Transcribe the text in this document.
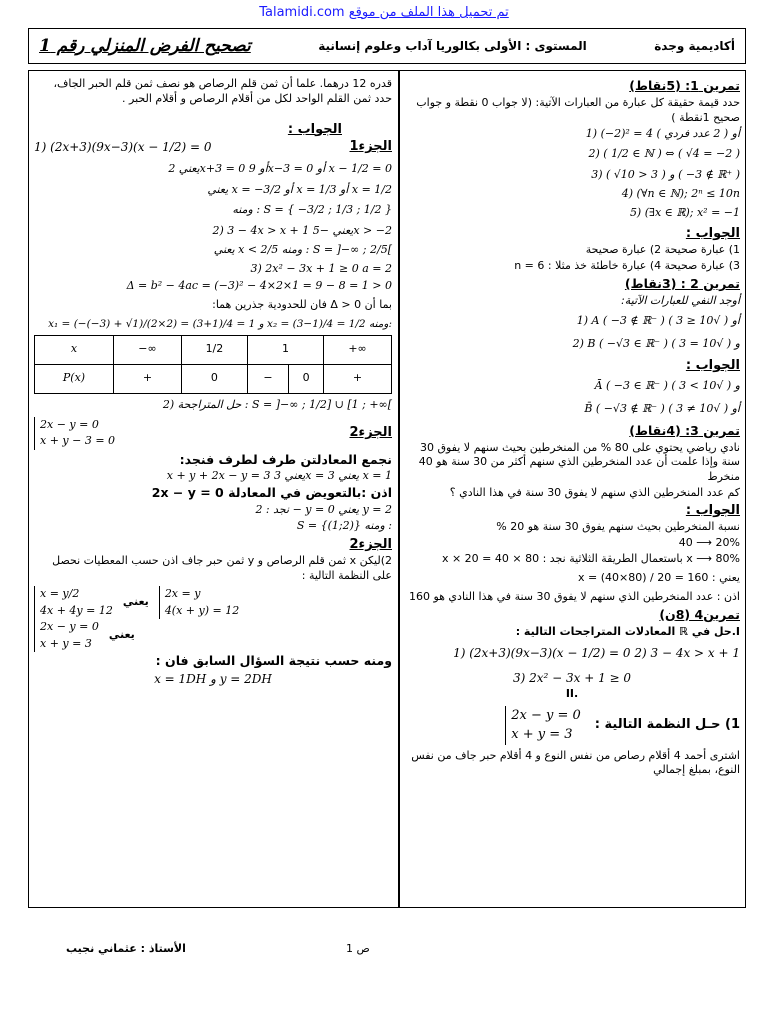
تم تحميل هذا الملف من موقع Talamidi.com
أكاديمية وجدة
المستوى : الأولى بكالوريا آداب وعلوم إنسانية
تصحيح الفرض المنزلي رقم 1
تمرين 1: (5نقاط)
حدد قيمة حقيقة كل عبارة من العبارات الآتية: (لا جواب 0 نقطة و جواب صحيح 1نقطة )
1) (−2)² = 4 أو ( 2 عدد فردي )
2) ( 1/2 ∈ ℕ ) ⇔ ( √4 = −2 )
3) ( √10 > 3 ) و ( −3 ∉ ℝ⁺ )
4) (∀n ∈ ℕ); 2ⁿ ≤ 10n
5) (∃x ∈ ℝ); x² = −1
الجواب :
1) عبارة صحيحة 2) عبارة صحيحة
3) عبارة صحيحة 4) عبارة خاطئة خذ مثلا : n = 6
تمرين 2 : (3نقاط)
أوجد النفي للعبارات الآتية:
1) A ( −3 ∉ ℝ⁻ ) أو ( √10 ≤ 3 )
2) B ( −√3 ∈ ℝ⁻ ) و ( √10 = 3 )
الجواب :
Ā ( −3 ∈ ℝ⁻ ) و ( √10 > 3 )
B̄ ( −√3 ∉ ℝ⁻ ) أو ( √10 ≠ 3 )
تمرين 3: (4نقاط)
نادي رياضي يحتوي على 80 % من المنخرطين بحيث سنهم لا يفوق 30 سنة وإذا علمت أن عدد المنخرطين الذي سنهم أكثر من 30 سنة هو 40 منخرط
كم عدد المنخرطين الذي سنهم لا يفوق 30 سنة في هذا النادي ؟
الجواب :
نسبة المنخرطين بحيث سنهم يفوق 30 سنة هو 20 %
20% ⟶ 40
80% ⟶ x باستعمال الطريقة الثلاثية نجد : x × 20 = 40 × 80
يعني : x = (40×80) / 20 = 160
اذن : عدد المنخرطين الذي سنهم لا يفوق 30 سنة في هذا النادي هو 160
تمرين4 (8ن)
I.حل في ℝ المعادلات المتراجحات التالية :
1) (2x+3)(9x−3)(x − 1/2) = 0 2) 3 − 4x > x + 1
3) 2x² − 3x + 1 ≥ 0
.II
1) حـل النظمة التالية :
2x − y = 0
x + y = 3
اشترى أحمد 4 أقلام رصاص من نفس النوع و 4 أقلام حبر جاف من نفس النوع، بمبلغ إجمالي
قدره 12 درهما. علما أن ثمن قلم الرصاص هو نصف ثمن قلم الحبر الجاف، حدد ثمن القلم الواحد لكل من أقلام الرصاص و أقلام الحبر .
الجواب :
الجزء1
1) (2x+3)(9x−3)(x − 1/2) = 0
يعني 2x+3 = 0 أو 9x−3 = 0 أو x − 1/2 = 0
يعني x = −3/2 أو x = 1/3 أو x = 1/2
ومنه : S = { −3/2 ; 1/3 ; 1/2 }
2) 3 − 4x > x + 1 يعني −5x > −2
يعني x < 2/5 ومنه : S = ]−∞ ; 2/5[
3) 2x² − 3x + 1 ≥ 0 a = 2
Δ = b² − 4ac = (−3)² − 4×2×1 = 9 − 8 = 1 > 0
بما أن Δ > 0 فان للحدودية جذرين هما:
x₁ = (−(−3) + √1)/(2×2) = (3+1)/4 = 1 و x₂ = (3−1)/4 = 1/2 ومنه:
x	−∞	1/2	1		+∞
P(x)	+	0	−	0	+
2) حل المتراجحة : S = ]−∞ ; 1/2] ∪ [1 ; +∞[
الجزء2
2x − y = 0
x + y − 3 = 0
نجمع المعادلتن طرف لطرف فنجد:
x + y + 2x − y = 3 يعني 3x = 3 يعني x = 1
اذن :بالتعويض في المعادلة 2x − y = 0
نجد : 2 − y = 0 يعني y = 2
S = {(1;2)} ومنه :
الجزء2
2)ليكن x ثمن قلم الرصاص و y ثمن حبر جاف اذن حسب المعطيات نحصل على النظمة التالية :
2x = y
4(x + y) = 12
يعني
x = y/2
4x + 4y = 12
يعني
2x − y = 0
x + y = 3
ومنه حسب نتيجة السؤال السابق فان :
x = 1DH و y = 2DH
ص 1
الأستاذ : عثماني نجيب
